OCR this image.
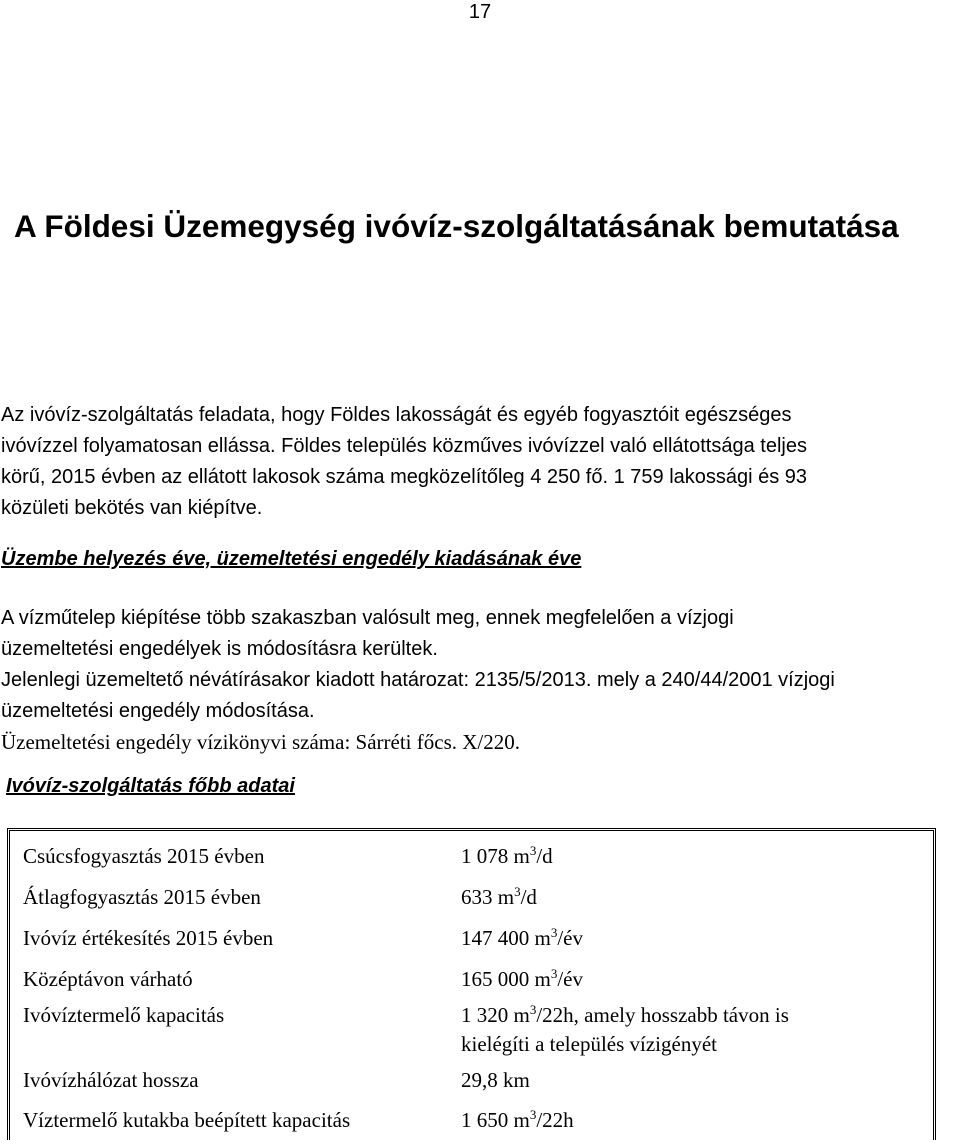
17
A Földesi Üzemegység ivóvíz-szolgáltatásának bemutatása

Az ivóvíz-szolgáltatás feladata, hogy Földes lakosságát és egyéb fogyasztóit egészséges
ivóvízzel folyamatosan ellássa. Földes település közműves ivóvízzel való ellátottsága teljes
körű, 2015 évben az ellátott lakosok száma megközelítőleg 4 250 fő. 1 759 lakossági és 93
közületi bekötés van kiépítve.

Üzembe helyezés éve, üzemeltetési engedély kiadásának éve

A vízműtelep kiépítése több szakaszban valósult meg, ennek megfelelően a vízjogi
üzemeltetési engedélyek is módosításra kerültek.
Jelenlegi üzemeltető névátírásakor kiadott határozat: 2135/5/2013. mely a 240/44/2001 vízjogi
üzemeltetési engedély módosítása.
Üzemeltetési engedély vízikönyvi száma: Sárréti főcs. X/220.

Ivóvíz-szolgáltatás főbb adatai
Csúcsfogyasztás 2015 évben	1 078 $m^3/d$
Átlagfogyasztás 2015 évben	633 $m^3/d$
Ivóvíz értékesítés 2015 évben	147 400 $m^3/év$
Középtávon várható	165 000 $m^3/év$
Ivóvíztermelő kapacitás	1 320 $m^3/22h$, amely hosszabb távon is
kielégíti a település vízigényét
Ivóvízhálózat hossza	29,8 km
Víztermelő kutakba beépített kapacitás	1 650 $m^3/22h$
